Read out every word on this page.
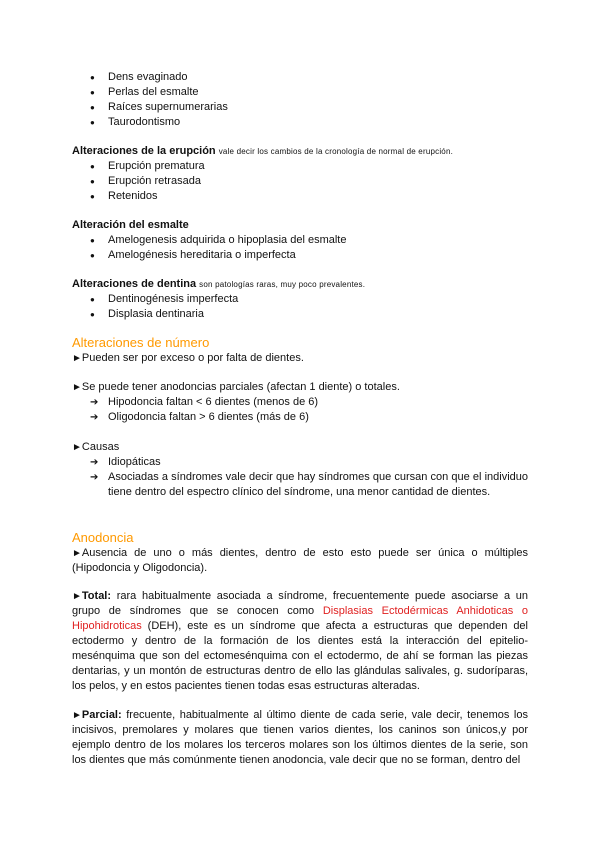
● Dens evaginado
● Perlas del esmalte
● Raíces supernumerarias
● Taurodontismo

Alteraciones de la erupción vale decir los cambios de la cronología de normal de erupción.

● Erupción prematura
● Erupción retrasada
● Retenidos

Alteración del esmalte

● Amelogenesis adquirida o hipoplasia del esmalte
● Amelogénesis hereditaria o imperfecta

Alteraciones de dentina son patologías raras, muy poco prevalentes.

● Dentinogénesis imperfecta
● Displasia dentinaria

Alteraciones de número

►Pueden ser por exceso o por falta de dientes.

►Se puede tener anodoncias parciales (afectan 1 diente) o totales.

➔ Hipodoncia faltan < 6 dientes (menos de 6)
➔ Oligodoncia faltan > 6 dientes (más de 6)

►Causas

➔ Idiopáticas
➔ Asociadas a síndromes vale decir que hay síndromes que cursan con que el individuo tiene dentro del espectro clínico del síndrome, una menor cantidad de dientes.

Anodoncia

►Ausencia de uno o más dientes, dentro de esto esto puede ser única o múltiples (Hipodoncia y Oligodoncia).

►Total: rara habitualmente asociada a síndrome, frecuentemente puede asociarse a un grupo de síndromes que se conocen como Displasias Ectodérmicas Anhidoticas o Hipohidroticas (DEH), este es un síndrome que afecta a estructuras que dependen del ectodermo y dentro de la formación de los dientes está la interacción del epitelio-mesénquima que son del ectomesénquima con el ectodermo, de ahí se forman las piezas dentarias, y un montón de estructuras dentro de ello las glándulas salivales, g. sudoríparas, los pelos, y en estos pacientes tienen todas esas estructuras alteradas.
►Parcial: frecuente, habitualmente al último diente de cada serie, vale decir, tenemos los incisivos, premolares y molares que tienen varios dientes, los caninos son únicos,y por ejemplo dentro de los molares los terceros molares son los últimos dientes de la serie, son los dientes que más comúnmente tienen anodoncia, vale decir que no se forman, dentro del
